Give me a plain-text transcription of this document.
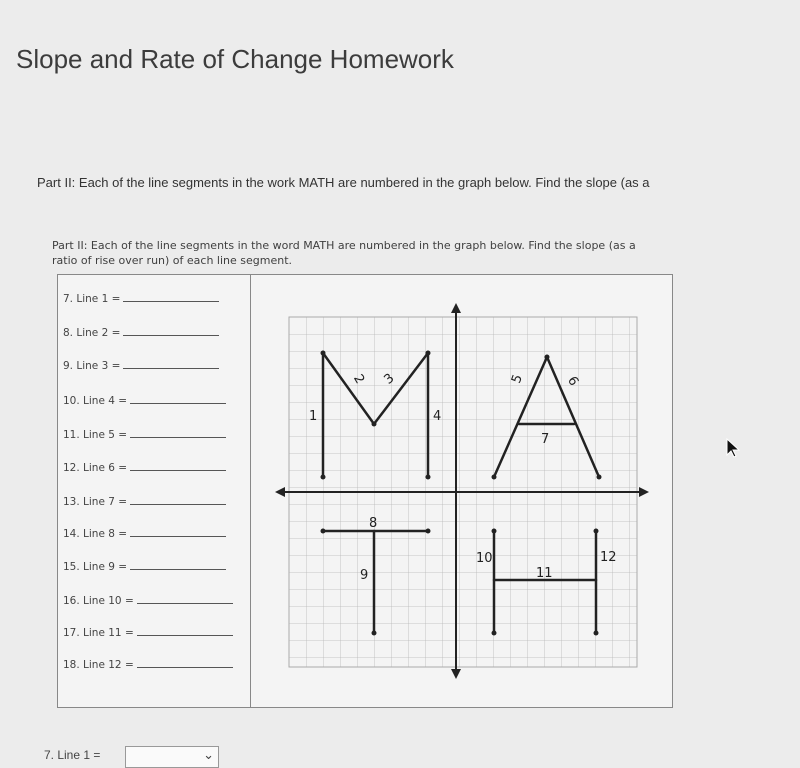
Slope and Rate of Change Homework
Part II: Each of the line segments in the work MATH are numbered in the graph below. Find the slope (as a
Part II: Each of the line segments in the word MATH are numbered in the graph below. Find the slope (as a ratio of rise over run) of each line segment.
7. Line 1 =
8. Line 2 =
9. Line 3 =
10. Line 4 =
11. Line 5 =
12. Line 6 =
13. Line 7 =
14. Line 8 =
15. Line 9 =
16. Line 10 =
17. Line 11 =
18. Line 12 =
1
2 3
4
5	6
7
8
9
10
11
12
7. Line 1 =	⌄
